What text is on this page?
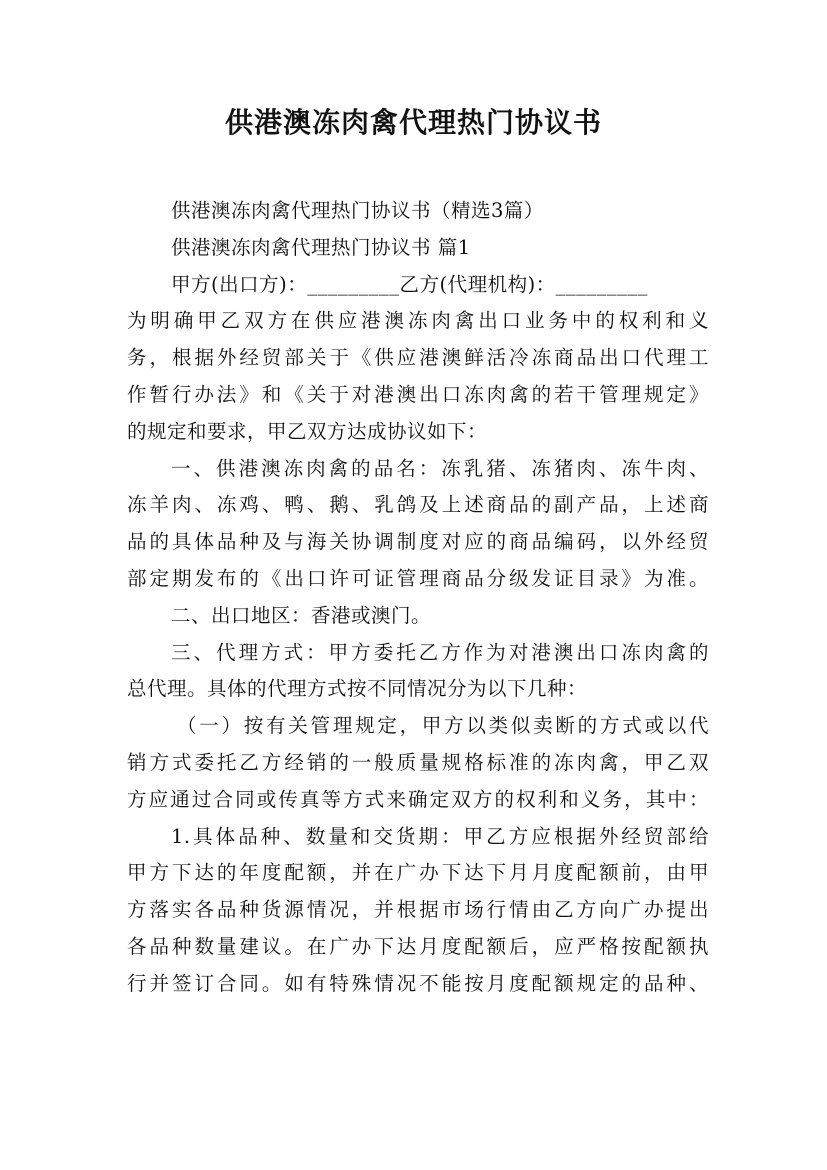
供港澳冻肉禽代理热门协议书

供港澳冻肉禽代理热门协议书（精选3篇）

供港澳冻肉禽代理热门协议书 篇1

甲方(出口方)：_________乙方(代理机构)：_________

为明确甲乙双方在供应港澳冻肉禽出口业务中的权利和义

务，根据外经贸部关于《供应港澳鲜活冷冻商品出口代理工

作暂行办法》和《关于对港澳出口冻肉禽的若干管理规定》

的规定和要求，甲乙双方达成协议如下：

一、供港澳冻肉禽的品名：冻乳猪、冻猪肉、冻牛肉、

冻羊肉、冻鸡、鸭、鹅、乳鸽及上述商品的副产品，上述商

品的具体品种及与海关协调制度对应的商品编码，以外经贸

部定期发布的《出口许可证管理商品分级发证目录》为准。

二、出口地区：香港或澳门。

三、代理方式：甲方委托乙方作为对港澳出口冻肉禽的

总代理。具体的代理方式按不同情况分为以下几种：

（一）按有关管理规定，甲方以类似卖断的方式或以代

销方式委托乙方经销的一般质量规格标准的冻肉禽，甲乙双

方应通过合同或传真等方式来确定双方的权利和义务，其中：

1.具体品种、数量和交货期：甲乙方应根据外经贸部给

甲方下达的年度配额，并在广办下达下月月度配额前，由甲

方落实各品种货源情况，并根据市场行情由乙方向广办提出

各品种数量建议。在广办下达月度配额后，应严格按配额执

行并签订合同。如有特殊情况不能按月度配额规定的品种、
